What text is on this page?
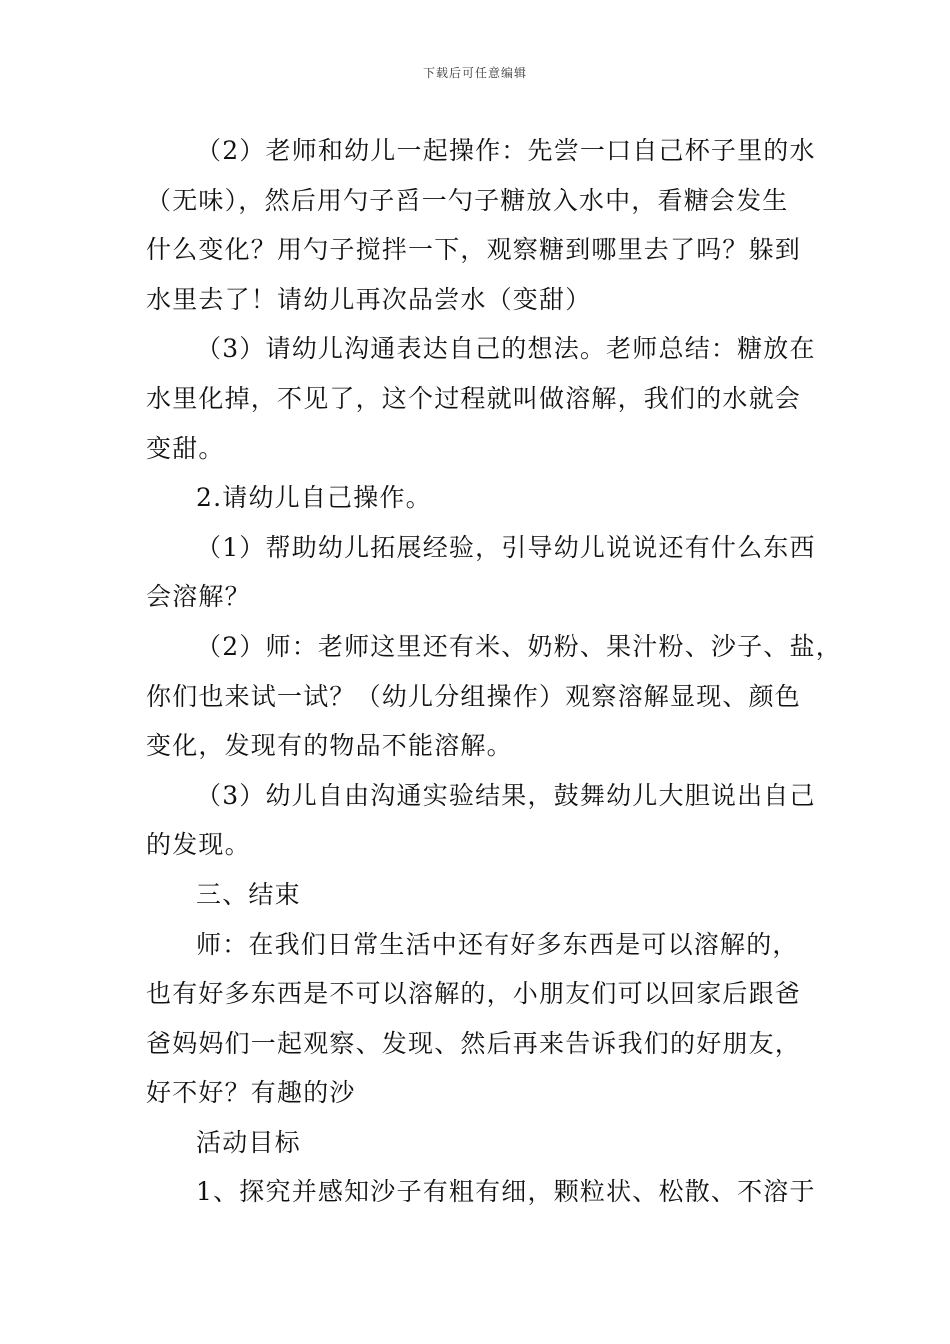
下载后可任意编辑

（2）老师和幼儿一起操作：先尝一口自己杯子里的水

（无味），然后用勺子舀一勺子糖放入水中，看糖会发生

什么变化？用勺子搅拌一下，观察糖到哪里去了吗？躲到

水里去了！请幼儿再次品尝水（变甜）

（3）请幼儿沟通表达自己的想法。老师总结：糖放在

水里化掉，不见了，这个过程就叫做溶解，我们的水就会

变甜。

2.请幼儿自己操作。

（1）帮助幼儿拓展经验，引导幼儿说说还有什么东西

会溶解？

（2）师：老师这里还有米、奶粉、果汁粉、沙子、盐，

你们也来试一试？（幼儿分组操作）观察溶解显现、颜色

变化，发现有的物品不能溶解。

（3）幼儿自由沟通实验结果，鼓舞幼儿大胆说出自己

的发现。

三、结束

师：在我们日常生活中还有好多东西是可以溶解的，

也有好多东西是不可以溶解的，小朋友们可以回家后跟爸

爸妈妈们一起观察、发现、然后再来告诉我们的好朋友，

好不好？有趣的沙

活动目标

1、探究并感知沙子有粗有细，颗粒状、松散、不溶于
